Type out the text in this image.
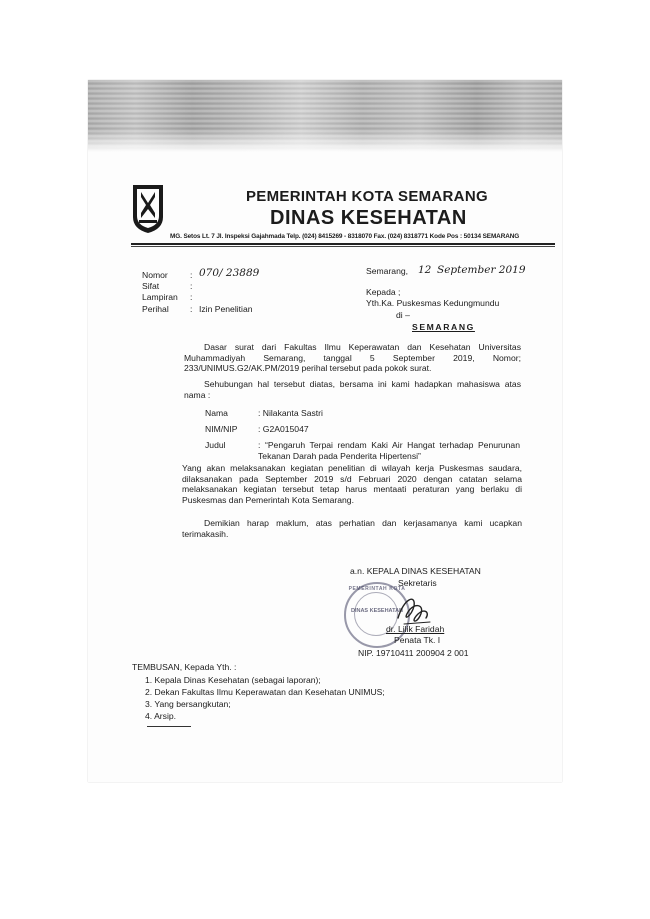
PEMERINTAH KOTA SEMARANG
DINAS KESEHATAN
MG. Setos Lt. 7 Jl. Inspeksi Gajahmada Telp. (024) 8415269 - 8318070 Fax. (024) 8318771 Kode Pos : 50134 SEMARANG
Nomor	: 070/ 23889
Sifat	:
Lampiran :
Perihal : Izin Penelitian
Semarang, 12 September 2019
Kepada ;
Yth.Ka. Puskesmas Kedungmundu
di –
SEMARANG
Dasar surat dari Fakultas Ilmu Keperawatan dan Kesehatan Universitas Muhammadiyah Semarang, tanggal 5 September 2019, Nomor; 233/UNIMUS.G2/AK.PM/2019 perihal tersebut pada pokok surat.
Sehubungan hal tersebut diatas, bersama ini kami hadapkan mahasiswa atas nama :
Nama	: Nilakanta Sastri
NIM/NIP : G2A015047
Judul	: “Pengaruh Terpai rendam Kaki Air Hangat terhadap Penurunan Tekanan Darah pada Penderita Hipertensi”
Yang akan melaksanakan kegiatan penelitian di wilayah kerja Puskesmas saudara, dilaksanakan pada September 2019 s/d Februari 2020 dengan catatan selama melaksanakan kegiatan tersebut tetap harus mentaati peraturan yang berlaku di Puskesmas dan Pemerintah Kota Semarang.
Demikian harap maklum, atas perhatian dan kerjasamanya kami ucapkan terimakasih.
a.n. KEPALA DINAS KESEHATAN
Sekretaris
PEMERINTAH KOTA
DINAS KESEHATAN
dr. Lilik Faridah
Penata Tk. I
NIP. 19710411 200904 2 001
TEMBUSAN, Kepada Yth. :
1. Kepala Dinas Kesehatan (sebagai laporan);
2. Dekan Fakultas Ilmu Keperawatan dan Kesehatan UNIMUS;
3. Yang bersangkutan;
4. Arsip.
